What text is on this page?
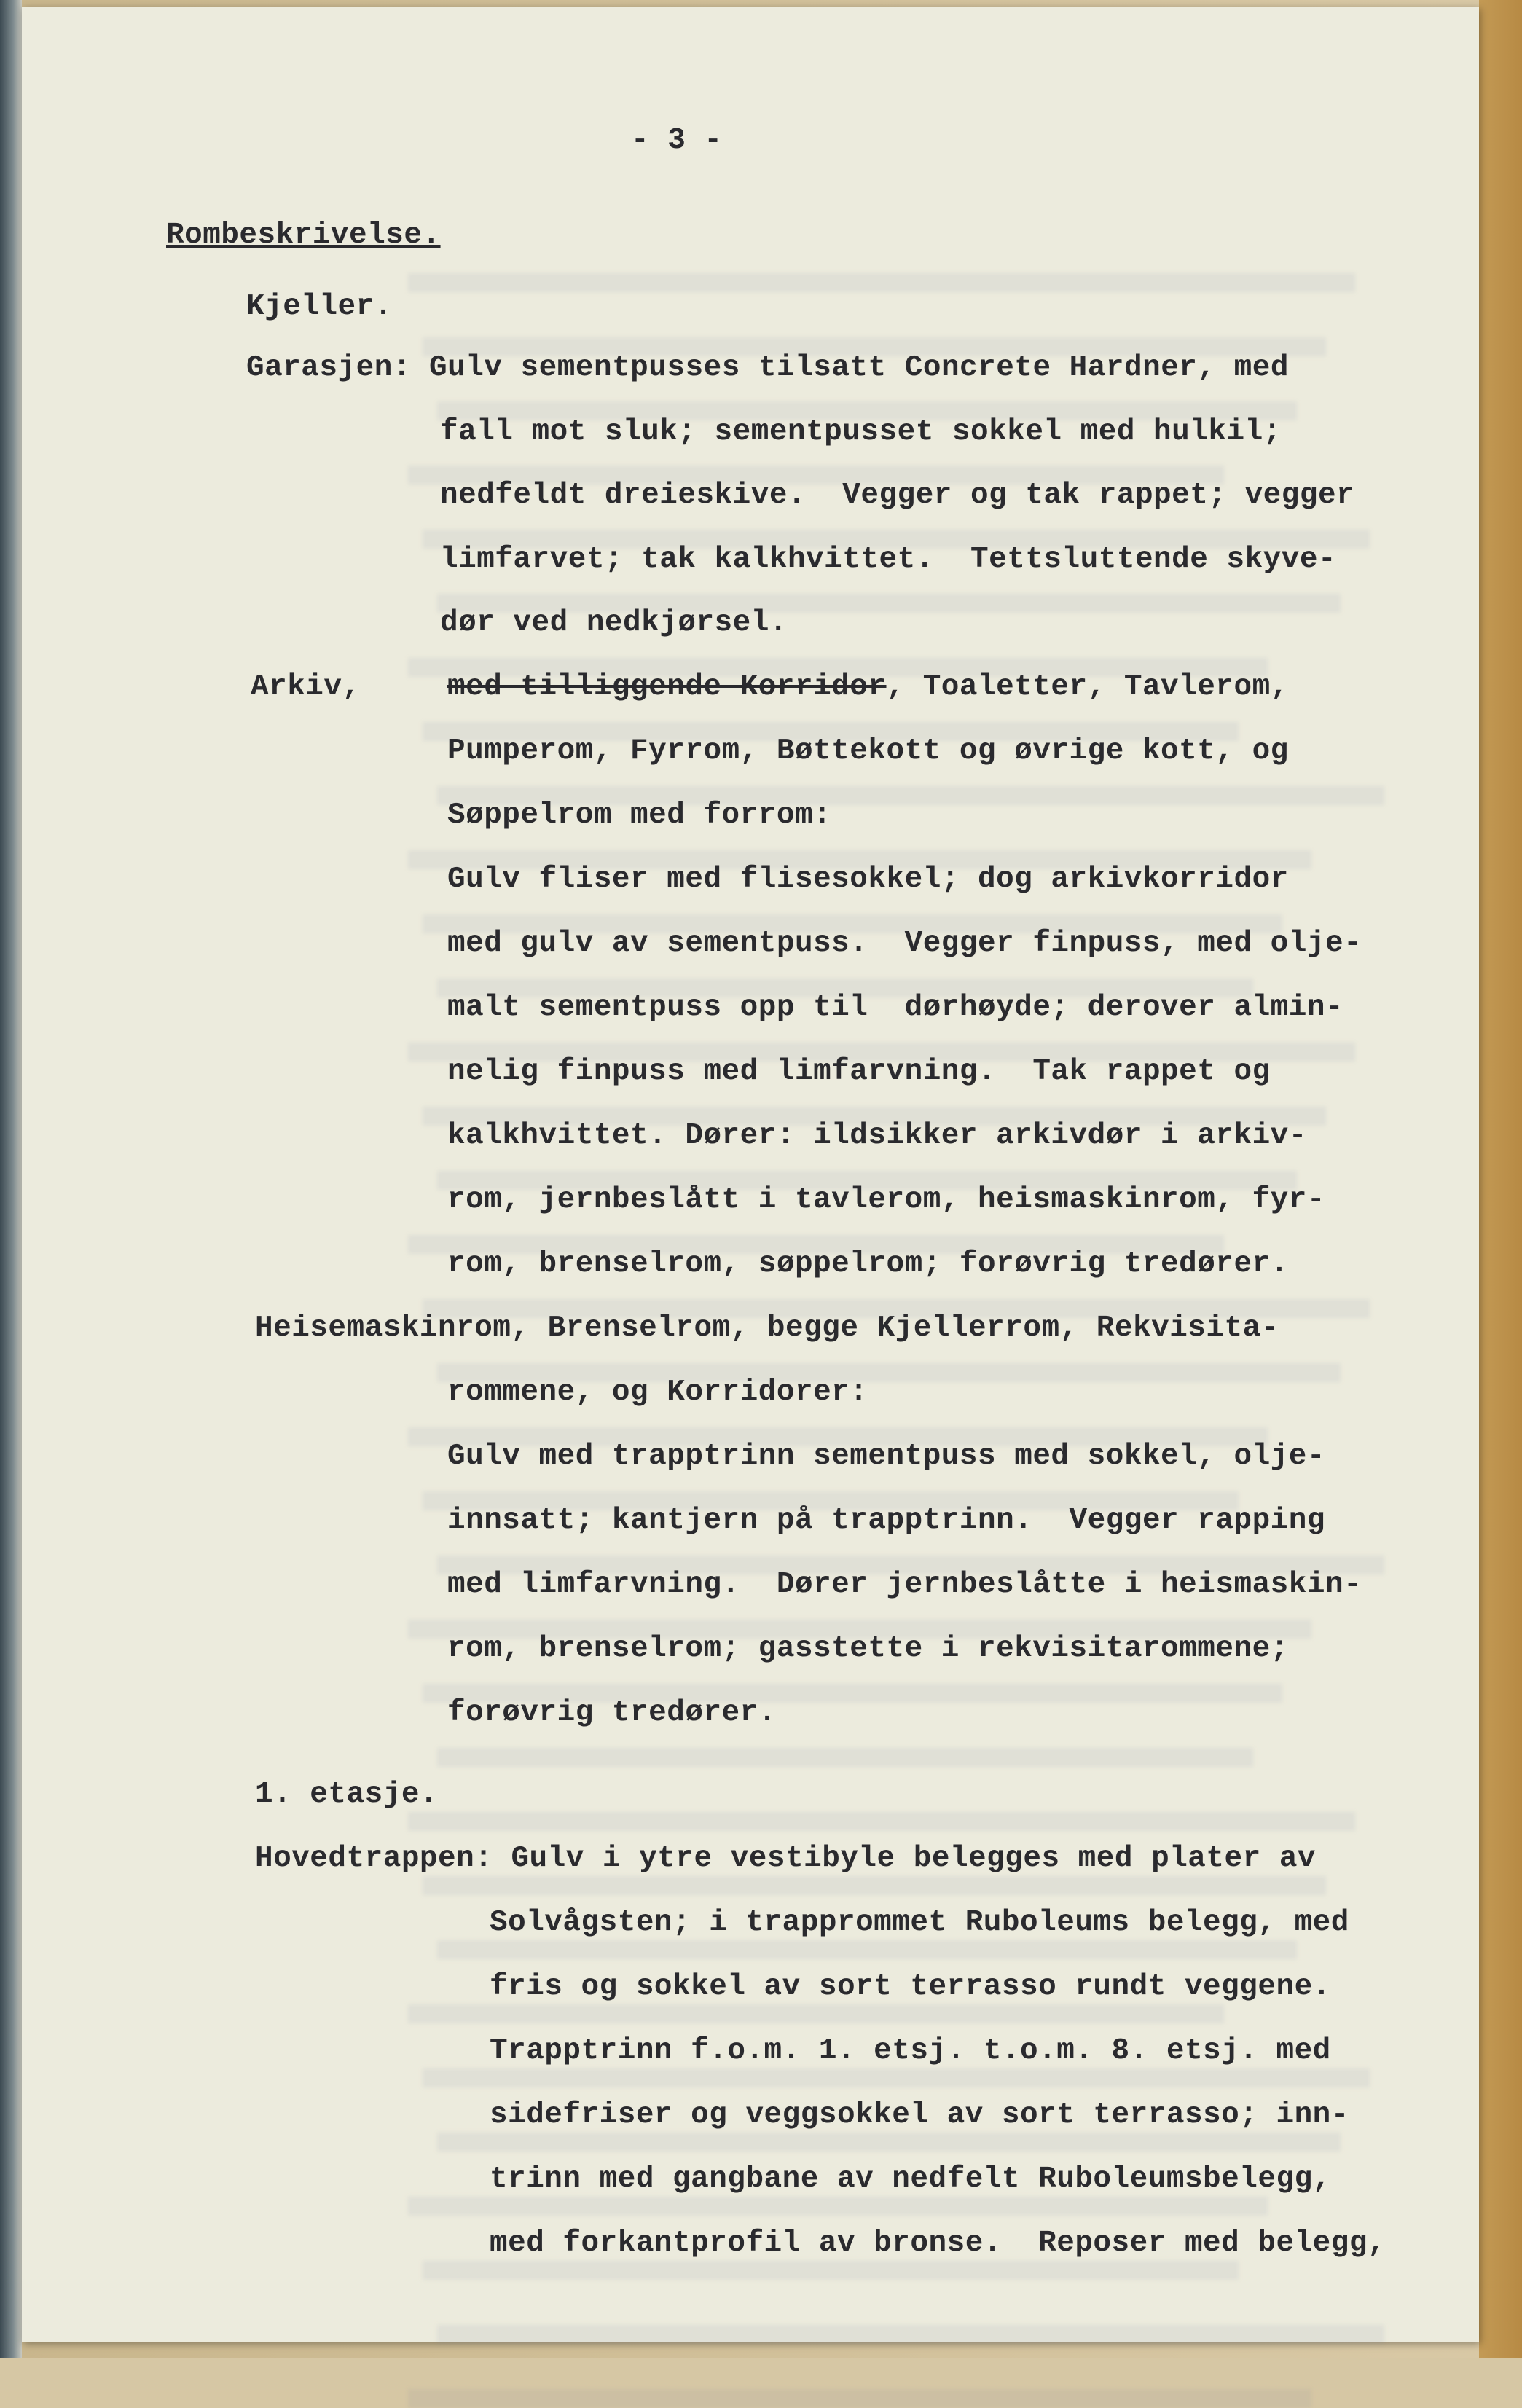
- 3 -
Rombeskrivelse.
Kjeller.
Garasjen: Gulv sementpusses tilsatt Concrete Hardner, med
fall mot sluk; sementpusset sokkel med hulkil;
nedfeldt dreieskive.  Vegger og tak rappet; vegger
limfarvet; tak kalkhvittet.  Tettsluttende skyve-
dør ved nedkjørsel.
Arkiv,	med tilliggende Korridor, Toaletter, Tavlerom,
Pumperom, Fyrrom, Bøttekott og øvrige kott, og
Søppelrom med forrom:
Gulv fliser med flisesokkel; dog arkivkorridor
med gulv av sementpuss.  Vegger finpuss, med olje-
malt sementpuss opp til  dørhøyde; derover almin-
nelig finpuss med limfarvning.  Tak rappet og
kalkhvittet. Dører: ildsikker arkivdør i arkiv-
rom, jernbeslått i tavlerom, heismaskinrom, fyr-
rom, brenselrom, søppelrom; forøvrig tredører.
Heisemaskinrom, Brenselrom, begge Kjellerrom, Rekvisita-
rommene, og Korridorer:
Gulv med trapptrinn sementpuss med sokkel, olje-
innsatt; kantjern på trapptrinn.  Vegger rapping
med limfarvning.  Dører jernbeslåtte i heismaskin-
rom, brenselrom; gasstette i rekvisitarommene;
forøvrig tredører.
1. etasje.
Hovedtrappen: Gulv i ytre vestibyle belegges med plater av
Solvågsten; i trapprommet Ruboleums belegg, med
fris og sokkel av sort terrasso rundt veggene.
Trapptrinn f.o.m. 1. etsj. t.o.m. 8. etsj. med
sidefriser og veggsokkel av sort terrasso; inn-
trinn med gangbane av nedfelt Ruboleumsbelegg,
med forkantprofil av bronse.  Reposer med belegg,
